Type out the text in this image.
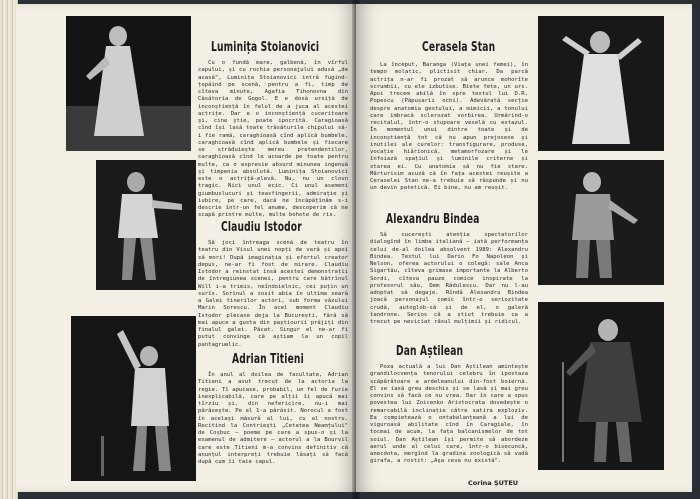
Luminița Stoianovici

Cu o fundă mare, galbenă, în vîrful capului, și cu rochia personajului adusă „de acasă", Luminița Stoianovici intră fugind-țopăind pe scenă, pentru a fi, timp de cîteva minute, Agafia Tihonovna din Căsătoria de Gogol. E e doxă ursiță de inconștiență în felul de a juca al acestei actrițe. Dar e o inconștiență cuceritoare și, cine știe, poate ipocrită. Caragioasă cînd își lasă toate trăsăturile chipului să-i fie ramă, caraghioasă cînd aplică bumbele, caraghioasă cînd aplică bumbele și fiecare se străduiește mereu pretendentilor, caraghioasă cînd le acoarde pe toate pentru multe, ca o expresie absurd minunea ingenuă și timpenia absolută. Luminița Stoianovici este o actriță-elevă. Nu, nu un clovn tragic. Nici unul ecic. Ci unul asemeni giumbuslucuri și teasfingerii, admirație și iubire, pe care, dacă ne încăpățînăm s-i descrie într-un fel anume, descoperim că ne scapă printre multe, multe bohote de ris.

Claudiu Istodor

Să joci întreaga scenă de teatru în teatru din Visul unei nopți de vară și apoi să mori! După imaginația și efortul creator depus, ne-ar fi fost de mirare. Claudiu Istodor a reinstat însă acestei demonstrații de întregiunea scenei, pentru care bătrînul Will i-a trimis, neîndoielnic, cei puțin un surîs. Sorinul a sosit abia în ultima seară a Galei tinerilor actori, sub forma văzului Marin Sorescu. În acel moment Claudiu Istodor plecase deja la București, fără să mai apuce a gusta din paștiourii prăjiți din finalul galei. Păcat. Singur el ne-ar fi putut convinge că aștiam la un copil pantagruelic.

Adrian Titieni

În anul al doilea de facultate, Adrian Titieni a avut trecut de la actoria la regie. Tî apucase, probabil, un fel de furie inexplicabilă, care pe alții îi apucă mai tîrziu și, din nefericire, nu-i mai părăsește. Pe el 1-a părăsit. Norocul a fost în același măsură al lui, cu al nostru. Recitind la Contrieşti „Cetatea Neamțului" de Coșbuc — poeme pe care a spus-o și la examenul de admitere — actorul a la Bourvil care este Titieni m-a convins definitiv că anunțul interpreți trebuie lăsați să facă după cum îi taie capul.

Cerasela Stan

La început, Baranga (Viața unei femei), în tempo molatic, plictisit chiar. Da parcă actrița n-ar fi prozat să arunce mohorîte scrumbii, cu ele izbutise. Biete fete, un urs. Apoi trecem abilă în spre textul lui D.R. Popescu (Păpușarii ochi). Adevărată secție despre anatomia gestului, a mimicii, a tonului care imbracă sclerozat vorbirea. Urmărind-o recitalul, într-o stupoare veselă cu extazul. În momentul unui dintre toate și de inconștiență tot că nu apun prejosese și inutilei ale curelor: transfigurare, produse, vocație hiărionică, metamorfozare și le înfoiază spațiul și luminile criterne și starea ei. Cu anatomia să nu fie stare. Mărturisim acuză că în fața acestei reușite a Ceraselei Stan ne-a trebuie să răspunde și nu un devin patetică. Ei bine, nu am reușit.

Alexandru Bindea

Să cucerești atenția spectatorilor dialogînd în limba italiană — iată performanța celui de-al doilea absolvent 1989: Alexandru Bindea. Textul lui Dario Fo Napoleon și Nelson, oferea actorului o colegă: sale Anca Sigartău, cîteva grimase importante la Alberto Sordi, cîteva pauze comice inspirate la profesorul său, Dem Rădulescu. Dar nu l-au adoptat să degaje. Rîndă Alexandru Bindea joacă personajul comic într-o seriozitate crudă, autoglob-să și de el, o galeră tandrone. Serios că a știut trebuie ca a trecut pe neviciat râsul mulțimii și ridicul.

Dan Aștilean

Poza actuală a lui Dan Aștilean amintește grandilocvența tenorului celebru în ipostaza scăpărătoare a ardeleanului din-fost boiernă. El se iasă greu deschis și se lasă și mai greu convins să facă ce nu vrea. Dar în care a spus povestea lui Zoicenko Aristocrata dovedește o remarcabilă inclinație către satira exploziv. Ea compietează o ontabalanțeană a lui de viguroasă abilitate cînd în Caragiale, în tocmai de acum, la fața balcanismelor de tot soiul. Dan Aștilean își permite să abordeze aerul unde al celui care, într-o bisecuncă, anecdota, mergînd la gradina zoologică să vadă girafa, a rostit: „Aşa ceva nu există".

Corina ȘUTEU
